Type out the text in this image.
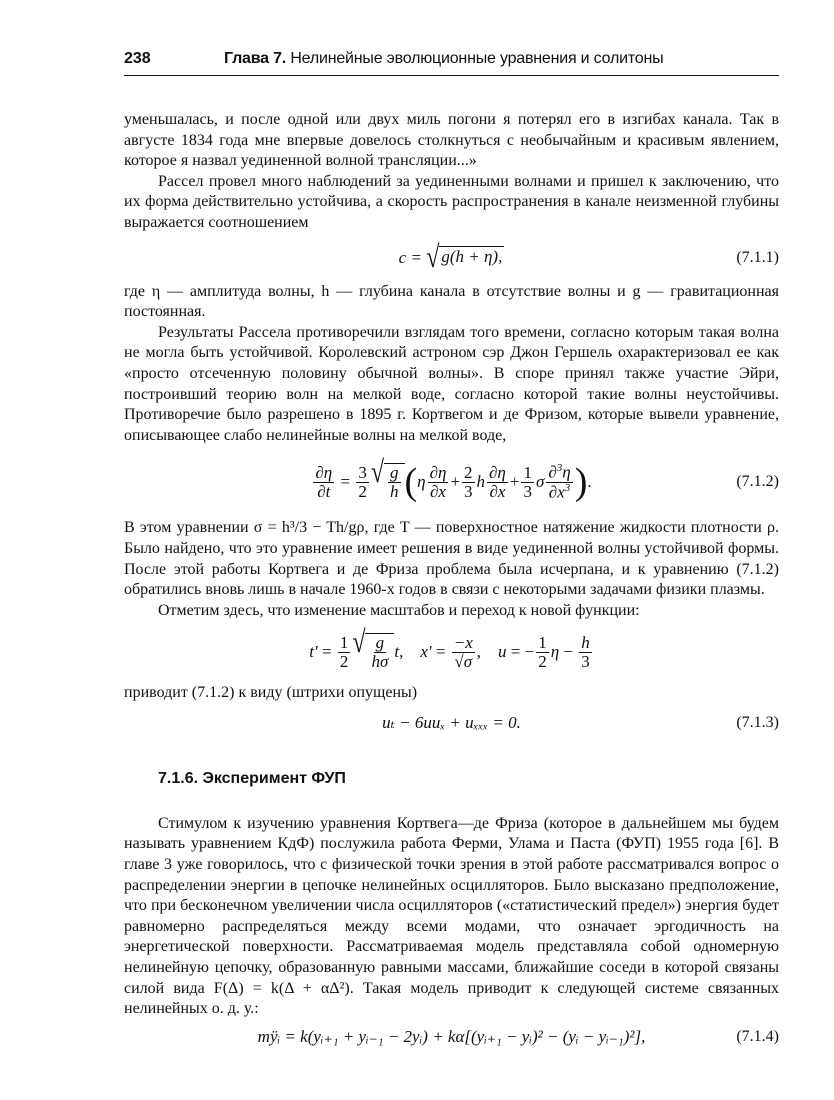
238	Глава 7. Нелинейные эволюционные уравнения и солитоны

уменьшалась, и после одной или двух миль погони я потерял его в изгибах канала. Так в августе 1834 года мне впервые довелось столкнуться с необычайным и красивым явлением, которое я назвал уединенной волной трансляции...»

Рассел провел много наблюдений за уединенными волнами и пришел к заключению, что их форма действительно устойчива, а скорость распространения в канале неизменной глубины выражается соотношением

c =
√ g(h + η),	(7.1.1)

где η — амплитуда волны, h — глубина канала в отсутствие волны и g — гравитационная постоянная.

Результаты Рассела противоречили взглядам того времени, согласно которым такая волна не могла быть устойчивой. Королевский астроном сэр Джон Гершель охарактеризовал ее как «просто отсеченную половину обычной волны». В споре принял также участие Эйри, построивший теорию волн на мелкой воде, согласно которой такие волны неустойчивы. Противоречие было разрешено в 1895 г. Кортвегом и де Фризом, которые вывели уравнение, описывающее слабо нелинейные волны на мелкой воде,

$\frac{\partial\eta}{\partial t} = \frac{3}{2}$ √ $\frac{g}{h}$ ( η $\frac{\partial\eta}{\partial x} + \frac{2}{3}$ h $\frac{\partial\eta}{\partial x} + \frac{1}{3}$ σ $\frac{\partial^3\eta}{\partial x^3}$ ) .	(7.1.2)

В этом уравнении σ = h³/3 − Th/gρ, где T — поверхностное натяжение жидкости плотности ρ. Было найдено, что это уравнение имеет решения в виде уединенной волны устойчивой формы. После этой работы Кортвега и де Фриза проблема была исчерпана, и к уравнению (7.1.2) обратились вновь лишь в начале 1960-х годов в связи с некоторыми задачами физики плазмы.

Отметим здесь, что изменение масштабов и переход к новой функции:

$t' = \frac{1}{2}$ √ $\frac{g}{h\sigma} t$,    $x' = \frac{-x}{√\sigma}$ ,    u = − $\frac{1}{2}$ $\eta - \frac{h}{3}$

приводит (7.1.2) к виду (штрихи опущены)

uₜ − 6uuₓ + uₓₓₓ = 0.	(7.1.3)
7.1.6. Эксперимент ФУП

Стимулом к изучению уравнения Кортвега—де Фриза (которое в дальнейшем мы будем называть уравнением КдФ) послужила работа Ферми, Улама и Паста (ФУП) 1955 года [6]. В главе 3 уже говорилось, что с физической точки зрения в этой работе рассматривался вопрос о распределении энергии в цепочке нелинейных осцилляторов. Было высказано предположение, что при бесконечном увеличении числа осцилляторов («статистический предел») энергия будет равномерно распределяться между всеми модами, что означает эргодичность на энергетической поверхности. Рассматриваемая модель представляла собой одномерную нелинейную цепочку, образованную равными массами, ближайшие соседи в которой связаны силой вида F(Δ) = k(Δ + αΔ²). Такая модель приводит к следующей системе связанных нелинейных о. д. у.:

mÿᵢ = k(yᵢ₊₁ + yᵢ₋₁ − 2yᵢ) + kα[(yᵢ₊₁ − yᵢ)² − (yᵢ − yᵢ₋₁)²],	(7.1.4)
